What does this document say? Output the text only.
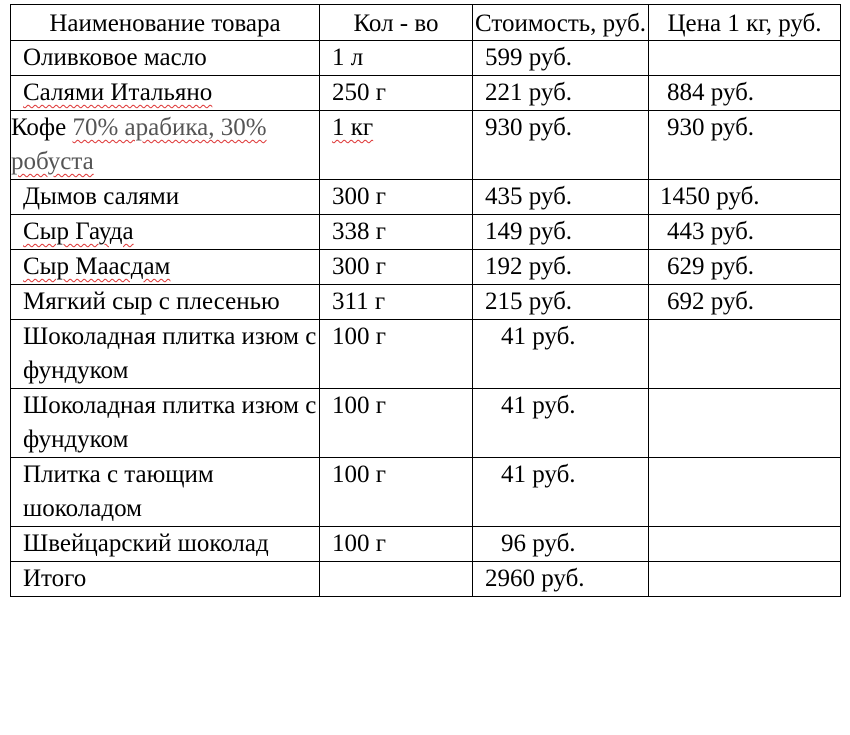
Наименование товара	Кол - во	Стоимость, руб.	Цена 1 кг, руб.
Оливковое масло	1 л	599 руб.	
Салями Итальяно	250 г	221 руб.	884 руб.
Кофе 70% арабика, 30% робуста	1 кг	930 руб.	930 руб.
Дымов салями	300 г	435 руб.	1450 руб.
Сыр Гауда	338 г	149 руб.	443 руб.
Сыр Маасдам	300 г	192 руб.	629 руб.
Мягкий сыр с плесенью	311 г	215 руб.	692 руб.
Шоколадная плитка изюм с фундуком	100 г	41 руб.	
Шоколадная плитка изюм с фундуком	100 г	41 руб.	
Плитка с тающим шоколадом	100 г	41 руб.	
Швейцарский шоколад	100 г	96 руб.	
Итого		2960 руб.	
